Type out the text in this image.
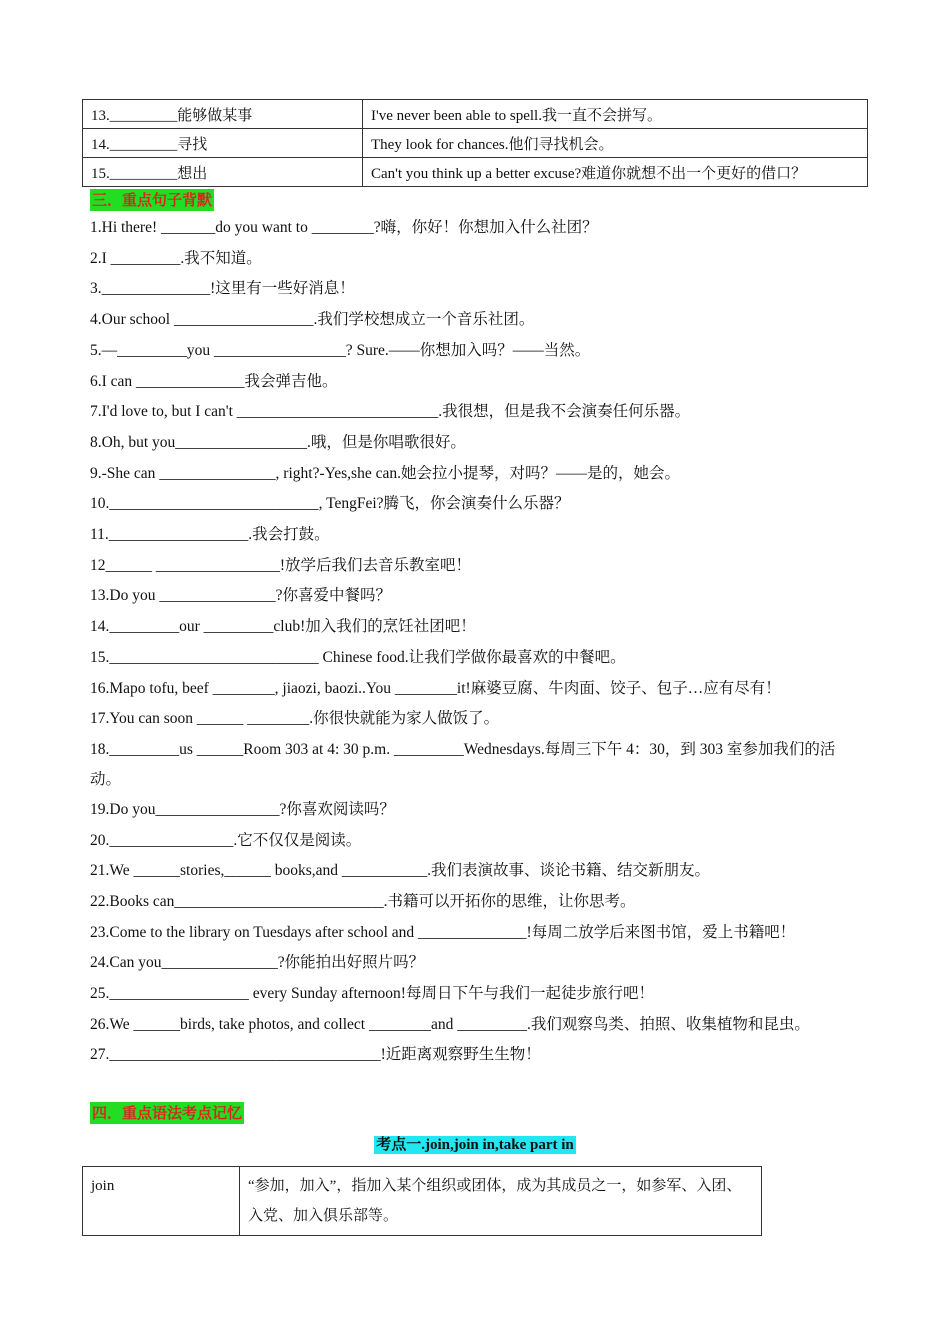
13._________能够做某事	I've never been able to spell.我一直不会拼写。
14._________寻找	They look for chances.他们寻找机会。
15._________想出	Can't you think up a better excuse?难道你就想不出一个更好的借口？
三．重点句子背默
1.Hi there! _______do you want to ________?嗨，你好！你想加入什么社团？
2.I _________.我不知道。
3.______________!这里有一些好消息！
4.Our school __________________.我们学校想成立一个音乐社团。
5.—_________you _________________? Sure.——你想加入吗？——当然。
6.I can ______________我会弹吉他。
7.I'd love to, but I can't __________________________.我很想，但是我不会演奏任何乐器。
8.Oh, but you_________________.哦，但是你唱歌很好。
9.-She can _______________, right?-Yes,she can.她会拉小提琴，对吗？——是的，她会。
10.___________________________, TengFei?腾飞，你会演奏什么乐器？
11.__________________.我会打鼓。
12______ ________________!放学后我们去音乐教室吧！
13.Do you _______________?你喜爱中餐吗？
14._________our _________club!加入我们的烹饪社团吧！
15.___________________________ Chinese food.让我们学做你最喜欢的中餐吧。
16.Mapo tofu, beef ________, jiaozi, baozi..You ________it!麻婆豆腐、牛肉面、饺子、包子…应有尽有！
17.You can soon ______ ________.你很快就能为家人做饭了。
18._________us ______Room 303 at 4: 30 p.m. _________Wednesdays.每周三下午 4：30，到 303 室参加我们的活动。
19.Do you________________?你喜欢阅读吗？
20.________________.它不仅仅是阅读。
21.We ______stories,______ books,and ___________.我们表演故事、谈论书籍、结交新朋友。
22.Books can___________________________.书籍可以开拓你的思维，让你思考。
23.Come to the library on Tuesdays after school and ______________!每周二放学后来图书馆，爱上书籍吧！
24.Can you_______________?你能拍出好照片吗？
25.__________________ every Sunday afternoon!每周日下午与我们一起徒步旅行吧！
26.We ______birds, take photos, and collect ________and _________.我们观察鸟类、拍照、收集植物和昆虫。
27.___________________________________!近距离观察野生生物！
四．重点语法考点记忆
考点一.join,join in,take part in
join	“参加，加入”，指加入某个组织或团体，成为其成员之一，如参军、入团、入党、加入俱乐部等。
